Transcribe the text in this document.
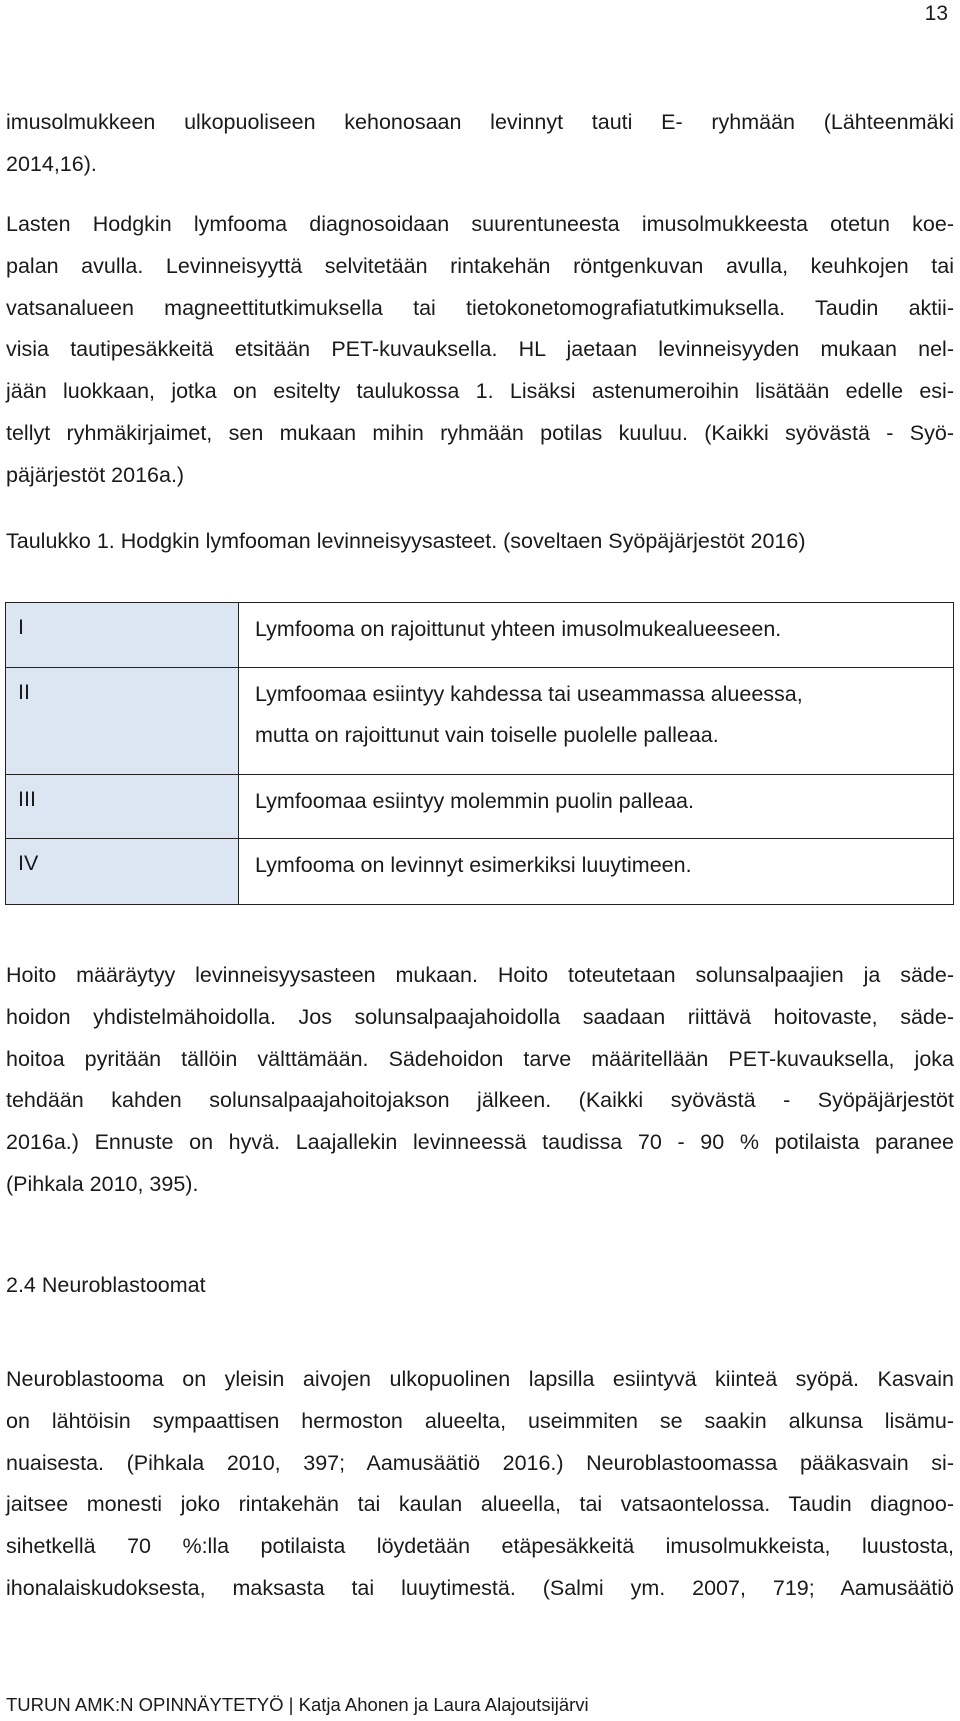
13
imusolmukkeen ulkopuoliseen kehonosaan levinnyt tauti E- ryhmään (Lähteenmäki
2014,16).
Lasten Hodgkin lymfooma diagnosoidaan suurentuneesta imusolmukkeesta otetun koe-
palan avulla. Levinneisyyttä selvitetään rintakehän röntgenkuvan avulla, keuhkojen tai
vatsanalueen magneettitutkimuksella tai tietokonetomografiatutkimuksella. Taudin aktii-
visia tautipesäkkeitä etsitään PET-kuvauksella. HL jaetaan levinneisyyden mukaan nel-
jään luokkaan, jotka on esitelty taulukossa 1. Lisäksi astenumeroihin lisätään edelle esi-
tellyt ryhmäkirjaimet, sen mukaan mihin ryhmään potilas kuuluu. (Kaikki syövästä - Syö-
päjärjestöt 2016a.)
Taulukko 1. Hodgkin lymfooman levinneisyysasteet. (soveltaen Syöpäjärjestöt 2016)
I	Lymfooma on rajoittunut yhteen imusolmukealueeseen.

II	Lymfoomaa esiintyy kahdessa tai useammassa alueessa,
mutta on rajoittunut vain toiselle puolelle palleaa.

III	Lymfoomaa esiintyy molemmin puolin palleaa.

IV	Lymfooma on levinnyt esimerkiksi luuytimeen.
Hoito määräytyy levinneisyysasteen mukaan. Hoito toteutetaan solunsalpaajien ja säde-
hoidon yhdistelmähoidolla. Jos solunsalpaajahoidolla saadaan riittävä hoitovaste, säde-
hoitoa pyritään tällöin välttämään. Sädehoidon tarve määritellään PET-kuvauksella, joka
tehdään kahden solunsalpaajahoitojakson jälkeen. (Kaikki syövästä - Syöpäjärjestöt
2016a.) Ennuste on hyvä. Laajallekin levinneessä taudissa 70 - 90 % potilaista paranee
(Pihkala 2010, 395).
2.4 Neuroblastoomat
Neuroblastooma on yleisin aivojen ulkopuolinen lapsilla esiintyvä kiinteä syöpä. Kasvain
on lähtöisin sympaattisen hermoston alueelta, useimmiten se saakin alkunsa lisämu-
nuaisesta. (Pihkala 2010, 397; Aamusäätiö 2016.) Neuroblastoomassa pääkasvain si-
jaitsee monesti joko rintakehän tai kaulan alueella, tai vatsaontelossa. Taudin diagnoo-
sihetkellä 70 %:lla potilaista löydetään etäpesäkkeitä imusolmukkeista, luustosta,
ihonalaiskudoksesta, maksasta tai luuytimestä. (Salmi ym. 2007, 719; Aamusäätiö
TURUN AMK:N OPINNÄYTETYÖ | Katja Ahonen ja Laura Alajoutsijärvi
